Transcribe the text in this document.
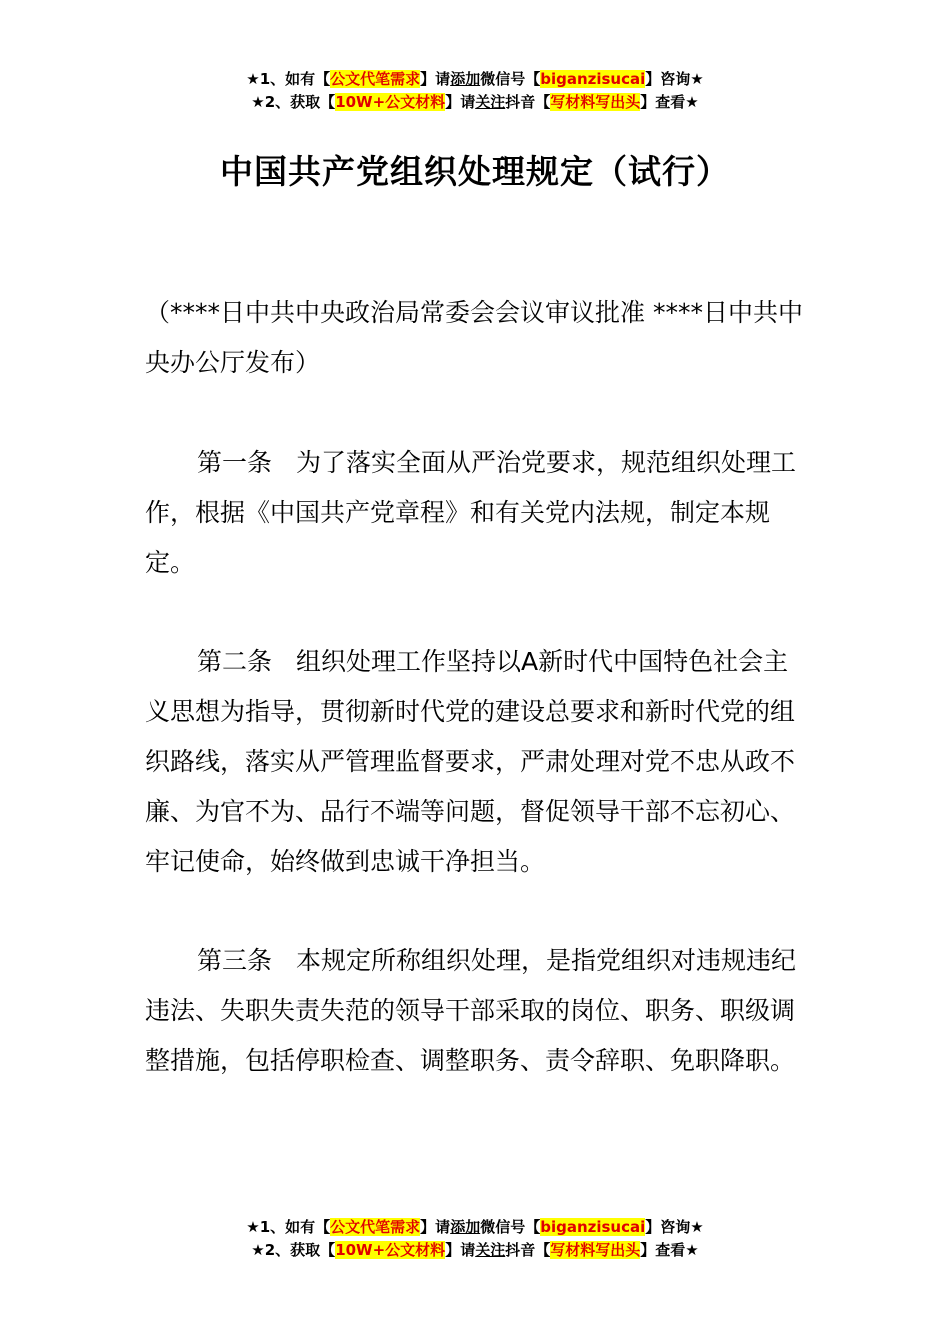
★1、如有【公文代笔需求】请添加微信号【biganzisucai】咨询★
★2、获取【10W+公文材料】请关注抖音【写材料写出头】查看★
中国共产党组织处理规定（试行）

（****日中共中央政治局常委会会议审议批准 ****日中共中央办公厅发布）

第一条 为了落实全面从严治党要求，规范组织处理工作，根据《中国共产党章程》和有关党内法规，制定本规定。

第二条 组织处理工作坚持以A新时代中国特色社会主义思想为指导，贯彻新时代党的建设总要求和新时代党的组织路线，落实从严管理监督要求，严肃处理对党不忠从政不廉、为官不为、品行不端等问题，督促领导干部不忘初心、牢记使命，始终做到忠诚干净担当。

第三条 本规定所称组织处理，是指党组织对违规违纪违法、失职失责失范的领导干部采取的岗位、职务、职级调整措施，包括停职检查、调整职务、责令辞职、免职降职。

★1、如有【公文代笔需求】请添加微信号【biganzisucai】咨询★
★2、获取【10W+公文材料】请关注抖音【写材料写出头】查看★
